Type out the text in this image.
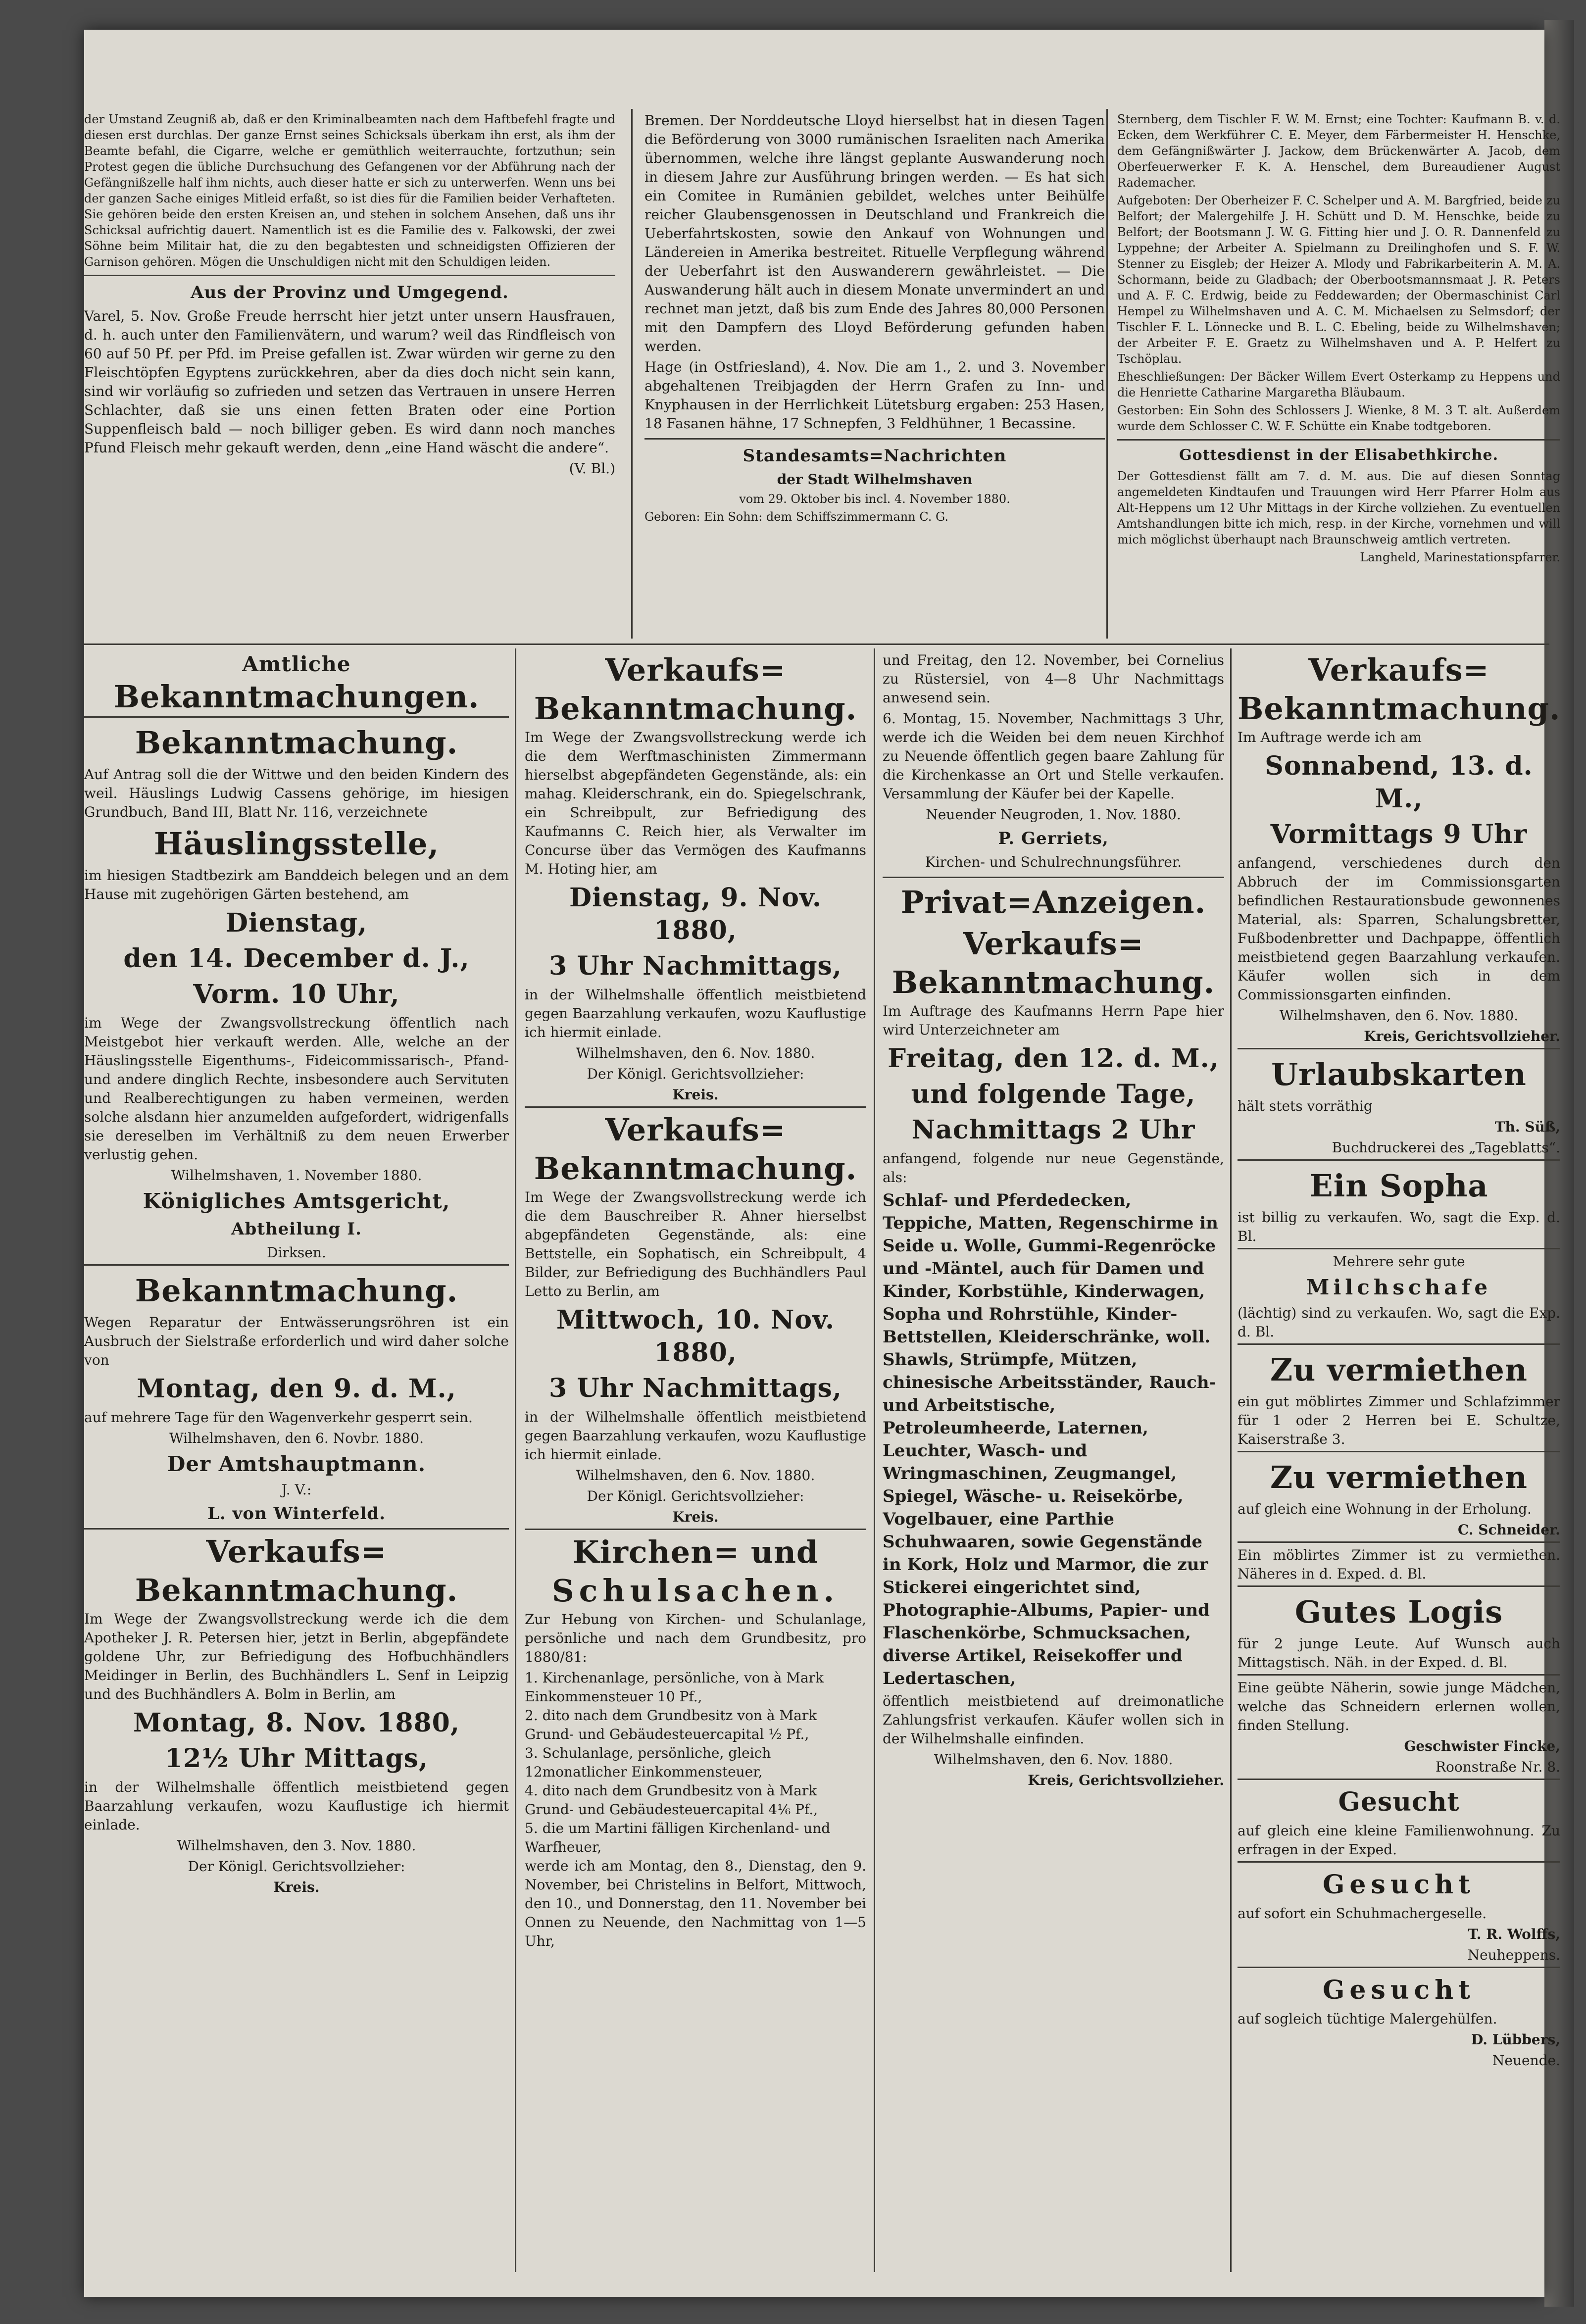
der Umstand Zeugniß ab, daß er den Kriminalbeamten nach dem Haftbefehl fragte und diesen erst durchlas. Der ganze Ernst seines Schicksals überkam ihn erst, als ihm der Beamte befahl, die Cigarre, welche er gemüthlich weiterrauchte, fortzuthun; sein Protest gegen die übliche Durchsuchung des Gefangenen vor der Abführung nach der Gefängnißzelle half ihm nichts, auch dieser hatte er sich zu unterwerfen. Wenn uns bei der ganzen Sache einiges Mitleid erfaßt, so ist dies für die Familien beider Verhafteten. Sie gehören beide den ersten Kreisen an, und stehen in solchem Ansehen, daß uns ihr Schicksal aufrichtig dauert. Namentlich ist es die Familie des v. Falkowski, der zwei Söhne beim Militair hat, die zu den begabtesten und schneidigsten Offizieren der Garnison gehören. Mögen die Unschuldigen nicht mit den Schuldigen leiden.

Aus der Provinz und Umgegend.

Varel, 5. Nov. Große Freude herrscht hier jetzt unter unsern Hausfrauen, d. h. auch unter den Familienvätern, und warum? weil das Rindfleisch von 60 auf 50 Pf. per Pfd. im Preise gefallen ist. Zwar würden wir gerne zu den Fleischtöpfen Egyptens zurückkehren, aber da dies doch nicht sein kann, sind wir vorläufig so zufrieden und setzen das Vertrauen in unsere Herren Schlachter, daß sie uns einen fetten Braten oder eine Portion Suppenfleisch bald — noch billiger geben. Es wird dann noch manches Pfund Fleisch mehr gekauft werden, denn „eine Hand wäscht die andere“.

(V. Bl.)

Bremen. Der Norddeutsche Lloyd hierselbst hat in diesen Tagen die Beförderung von 3000 rumänischen Israeliten nach Amerika übernommen, welche ihre längst geplante Auswanderung noch in diesem Jahre zur Ausführung bringen werden. — Es hat sich ein Comitee in Rumänien gebildet, welches unter Beihülfe reicher Glaubensgenossen in Deutschland und Frankreich die Ueberfahrtskosten, sowie den Ankauf von Wohnungen und Ländereien in Amerika bestreitet. Rituelle Verpflegung während der Ueberfahrt ist den Auswanderern gewährleistet. — Die Auswanderung hält auch in diesem Monate unvermindert an und rechnet man jetzt, daß bis zum Ende des Jahres 80,000 Personen mit den Dampfern des Lloyd Beförderung gefunden haben werden.

Hage (in Ostfriesland), 4. Nov. Die am 1., 2. und 3. November abgehaltenen Treibjagden der Herrn Grafen zu Inn- und Knyphausen in der Herrlichkeit Lütetsburg ergaben: 253 Hasen, 18 Fasanen hähne, 17 Schnepfen, 3 Feldhühner, 1 Becassine.

Standesamts=Nachrichten

der Stadt Wilhelmshaven

vom 29. Oktober bis incl. 4. November 1880.

Geboren: Ein Sohn: dem Schiffszimmermann C. G.

Sternberg, dem Tischler F. W. M. Ernst; eine Tochter: Kaufmann B. v. d. Ecken, dem Werkführer C. E. Meyer, dem Färbermeister H. Henschke, dem Gefängnißwärter J. Jackow, dem Brückenwärter A. Jacob, dem Oberfeuerwerker F. K. A. Henschel, dem Bureaudiener August Rademacher.

Aufgeboten: Der Oberheizer F. C. Schelper und A. M. Bargfried, beide zu Belfort; der Malergehilfe J. H. Schütt und D. M. Henschke, beide zu Belfort; der Bootsmann J. W. G. Fitting hier und J. O. R. Dannenfeld zu Lyppehne; der Arbeiter A. Spielmann zu Dreilinghofen und S. F. W. Stenner zu Eisgleb; der Heizer A. Mlody und Fabrikarbeiterin A. M. A. Schormann, beide zu Gladbach; der Oberbootsmannsmaat J. R. Peters und A. F. C. Erdwig, beide zu Feddewarden; der Obermaschinist Carl Hempel zu Wilhelmshaven und A. C. M. Michaelsen zu Selmsdorf; der Tischler F. L. Lönnecke und B. L. C. Ebeling, beide zu Wilhelmshaven; der Arbeiter F. E. Graetz zu Wilhelmshaven und A. P. Helfert zu Tschöplau.

Eheschließungen: Der Bäcker Willem Evert Osterkamp zu Heppens und die Henriette Catharine Margaretha Bläubaum.

Gestorben: Ein Sohn des Schlossers J. Wienke, 8 M. 3 T. alt. Außerdem wurde dem Schlosser C. W. F. Schütte ein Knabe todtgeboren.

Gottesdienst in der Elisabethkirche.

Der Gottesdienst fällt am 7. d. M. aus. Die auf diesen Sonntag angemeldeten Kindtaufen und Trauungen wird Herr Pfarrer Holm aus Alt-Heppens um 12 Uhr Mittags in der Kirche vollziehen. Zu eventuellen Amtshandlungen bitte ich mich, resp. in der Kirche, vornehmen und will mich möglichst überhaupt nach Braunschweig amtlich vertreten.

Langheld, Marinestationspfarrer.

Amtliche
Bekanntmachungen.
Bekanntmachung.

Auf Antrag soll die der Wittwe und den beiden Kindern des weil. Häuslings Ludwig Cassens gehörige, im hiesigen Grundbuch, Band III, Blatt Nr. 116, verzeichnete

Häuslingsstelle,

im hiesigen Stadtbezirk am Banddeich belegen und an dem Hause mit zugehörigen Gärten bestehend, am

Dienstag,
den 14. December d. J.,
Vorm. 10 Uhr,

im Wege der Zwangsvollstreckung öffentlich nach Meistgebot hier verkauft werden. Alle, welche an der Häuslingsstelle Eigenthums-, Fideicommissarisch-, Pfand- und andere dinglich Rechte, insbesondere auch Servituten und Realberechtigungen zu haben vermeinen, werden solche alsdann hier anzumelden aufgefordert, widrigenfalls sie dereselben im Verhältniß zu dem neuen Erwerber verlustig gehen.

Wilhelmshaven, 1. November 1880.

Königliches Amtsgericht,
Abtheilung I.

Dirksen.

Bekanntmachung.

Wegen Reparatur der Entwässerungsröhren ist ein Ausbruch der Sielstraße erforderlich und wird daher solche von

Montag, den 9. d. M.,

auf mehrere Tage für den Wagenverkehr gesperrt sein.

Wilhelmshaven, den 6. Novbr. 1880.

Der Amtshauptmann.

J. V.:

L. von Winterfeld.
Verkaufs=
Bekanntmachung.

Im Wege der Zwangsvollstreckung werde ich die dem Apotheker J. R. Petersen hier, jetzt in Berlin, abgepfändete goldene Uhr, zur Befriedigung des Hofbuchhändlers Meidinger in Berlin, des Buchhändlers L. Senf in Leipzig und des Buchhändlers A. Bolm in Berlin, am

Montag, 8. Nov. 1880,
12½ Uhr Mittags,

in der Wilhelmshalle öffentlich meistbietend gegen Baarzahlung verkaufen, wozu Kauflustige ich hiermit einlade.

Wilhelmshaven, den 3. Nov. 1880.

Der Königl. Gerichtsvollzieher:

Kreis.

Verkaufs=
Bekanntmachung.

Im Wege der Zwangsvollstreckung werde ich die dem Werftmaschinisten Zimmermann hierselbst abgepfändeten Gegenstände, als: ein mahag. Kleiderschrank, ein do. Spiegelschrank, ein Schreibpult, zur Befriedigung des Kaufmanns C. Reich hier, als Verwalter im Concurse über das Vermögen des Kaufmanns M. Hoting hier, am

Dienstag, 9. Nov. 1880,
3 Uhr Nachmittags,

in der Wilhelmshalle öffentlich meistbietend gegen Baarzahlung verkaufen, wozu Kauflustige ich hiermit einlade.

Wilhelmshaven, den 6. Nov. 1880.

Der Königl. Gerichtsvollzieher:

Kreis.

Verkaufs=
Bekanntmachung.

Im Wege der Zwangsvollstreckung werde ich die dem Bauschreiber R. Ahner hierselbst abgepfändeten Gegenstände, als: eine Bettstelle, ein Sophatisch, ein Schreibpult, 4 Bilder, zur Befriedigung des Buchhändlers Paul Letto zu Berlin, am

Mittwoch, 10. Nov. 1880,
3 Uhr Nachmittags,

in der Wilhelmshalle öffentlich meistbietend gegen Baarzahlung verkaufen, wozu Kauflustige ich hiermit einlade.

Wilhelmshaven, den 6. Nov. 1880.

Der Königl. Gerichtsvollzieher:

Kreis.

Kirchen= und
Schulsachen.

Zur Hebung von Kirchen- und Schulanlage, persönliche und nach dem Grundbesitz, pro 1880/81:

1. Kirchenanlage, persönliche, von à Mark Einkommensteuer 10 Pf.,
2. dito nach dem Grundbesitz von à Mark Grund- und Gebäudesteuercapital ½ Pf.,
3. Schulanlage, persönliche, gleich 12monatlicher Einkommensteuer,
4. dito nach dem Grundbesitz von à Mark Grund- und Gebäudesteuercapital 4⅙ Pf.,
5. die um Martini fälligen Kirchenland- und Warfheuer,

werde ich am Montag, den 8., Dienstag, den 9. November, bei Christelins in Belfort, Mittwoch, den 10., und Donnerstag, den 11. November bei Onnen zu Neuende, den Nachmittag von 1—5 Uhr,

und Freitag, den 12. November, bei Cornelius zu Rüstersiel, von 4—8 Uhr Nachmittags anwesend sein.

6. Montag, 15. November, Nachmittags 3 Uhr, werde ich die Weiden bei dem neuen Kirchhof zu Neuende öffentlich gegen baare Zahlung für die Kirchenkasse an Ort und Stelle verkaufen. Versammlung der Käufer bei der Kapelle.

Neuender Neugroden, 1. Nov. 1880.

P. Gerriets,

Kirchen- und Schulrechnungsführer.

Privat=Anzeigen.
Verkaufs=
Bekanntmachung.

Im Auftrage des Kaufmanns Herrn Pape hier wird Unterzeichneter am

Freitag, den 12. d. M.,
und folgende Tage,
Nachmittags 2 Uhr

anfangend, folgende nur neue Gegenstände, als:

Schlaf- und Pferdedecken, Teppiche, Matten, Regenschirme in Seide u. Wolle, Gummi-Regenröcke und -Mäntel, auch für Damen und Kinder, Korbstühle, Kinderwagen, Sopha und Rohrstühle, Kinder-Bettstellen, Kleiderschränke, woll. Shawls, Strümpfe, Mützen, chinesische Arbeitsständer, Rauch- und Arbeitstische, Petroleumheerde, Laternen, Leuchter, Wasch- und Wringmaschinen, Zeugmangel, Spiegel, Wäsche- u. Reisekörbe, Vogelbauer, eine Parthie Schuhwaaren, sowie Gegenstände in Kork, Holz und Marmor, die zur Stickerei eingerichtet sind, Photographie-Albums, Papier- und Flaschenkörbe, Schmucksachen, diverse Artikel, Reisekoffer und Ledertaschen,

öffentlich meistbietend auf dreimonatliche Zahlungsfrist verkaufen. Käufer wollen sich in der Wilhelmshalle einfinden.

Wilhelmshaven, den 6. Nov. 1880.

Kreis, Gerichtsvollzieher.

Verkaufs=
Bekanntmachung.

Im Auftrage werde ich am

Sonnabend, 13. d. M.,
Vormittags 9 Uhr

anfangend, verschiedenes durch den Abbruch der im Commissionsgarten befindlichen Restaurationsbude gewonnenes Material, als: Sparren, Schalungsbretter, Fußbodenbretter und Dachpappe, öffentlich meistbietend gegen Baarzahlung verkaufen. Käufer wollen sich in dem Commissionsgarten einfinden.

Wilhelmshaven, den 6. Nov. 1880.

Kreis, Gerichtsvollzieher.

Urlaubskarten

hält stets vorräthig

Th. Süß,

Buchdruckerei des „Tageblatts“.

Ein Sopha

ist billig zu verkaufen. Wo, sagt die Exp. d. Bl.

Mehrere sehr gute

Milchschafe

(lächtig) sind zu verkaufen. Wo, sagt die Exp. d. Bl.

Zu vermiethen

ein gut möblirtes Zimmer und Schlafzimmer für 1 oder 2 Herren bei E. Schultze, Kaiserstraße 3.

Zu vermiethen

auf gleich eine Wohnung in der Erholung.

C. Schneider.

Ein möblirtes Zimmer ist zu vermiethen. Näheres in d. Exped. d. Bl.

Gutes Logis

für 2 junge Leute. Auf Wunsch auch Mittagstisch. Näh. in der Exped. d. Bl.

Eine geübte Näherin, sowie junge Mädchen, welche das Schneidern erlernen wollen, finden Stellung.

Geschwister Fincke,

Roonstraße Nr. 8.

Gesucht

auf gleich eine kleine Familienwohnung. Zu erfragen in der Exped.

Gesucht

auf sofort ein Schuhmachergeselle.

T. R. Wolffs,

Neuheppens.

Gesucht

auf sogleich tüchtige Malergehülfen.

D. Lübbers,

Neuende.
